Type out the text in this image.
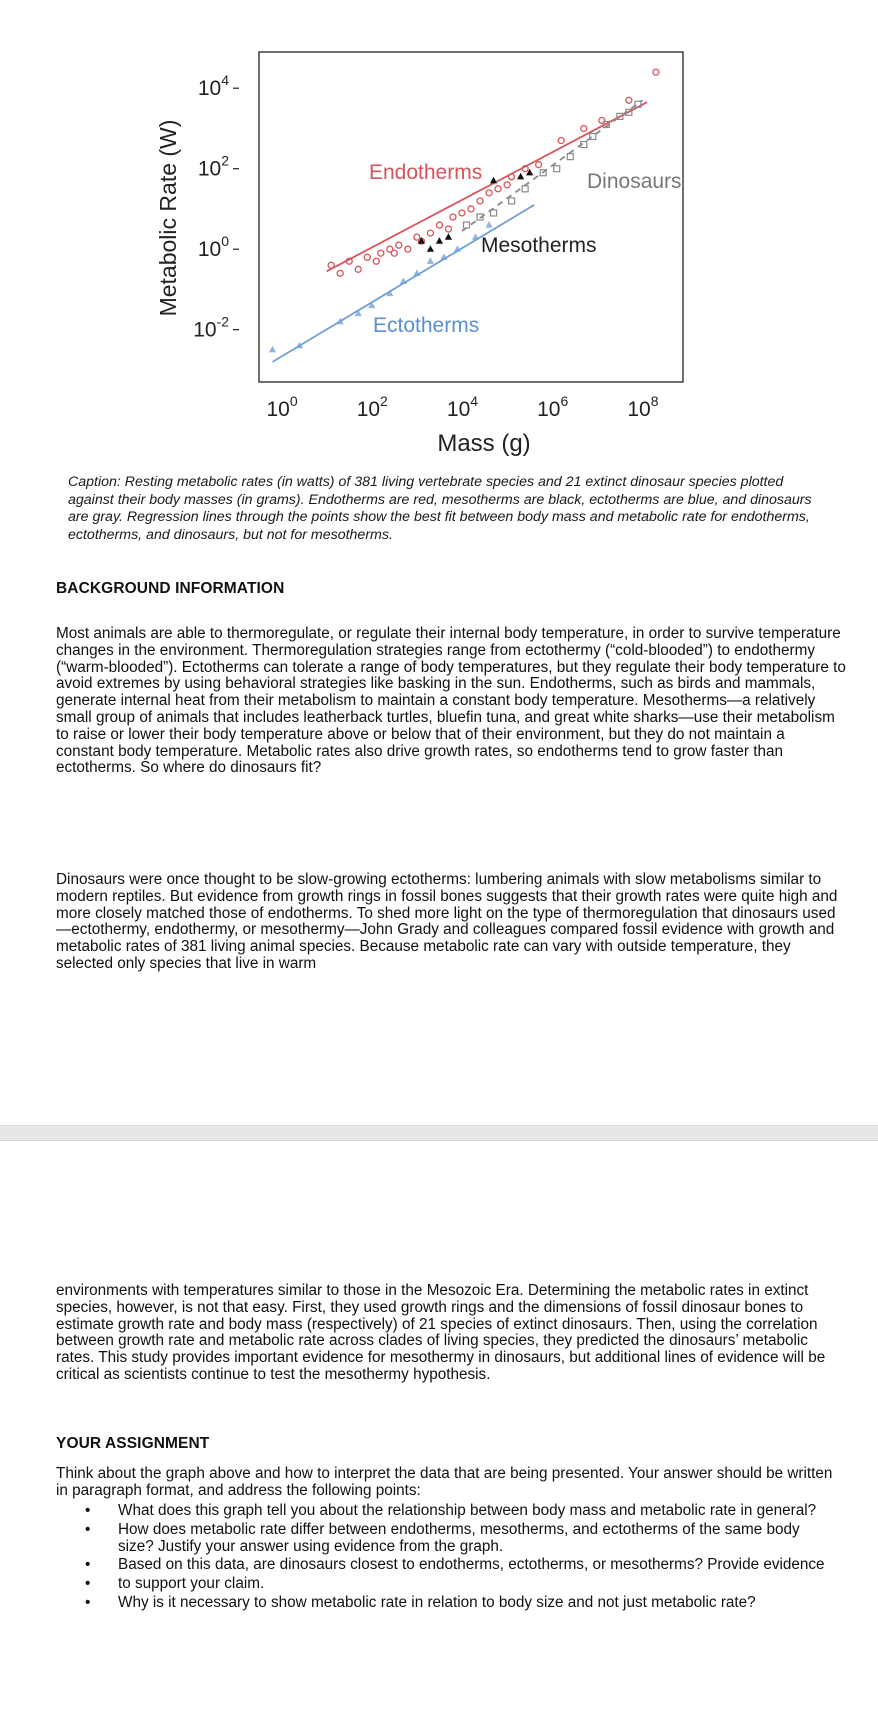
$10^4$
$10^2$
$10^0$
$10^{-2}$
$10^0$	$10^2$	$10^4$	$10^6$	$10^8$
Endotherms	Dinosaurs
Mesotherms
Ectotherms
Metabolic Rate (W)
Mass (g)
Caption: Resting metabolic rates (in watts) of 381 living vertebrate species and 21 extinct dinosaur species plotted against their body masses (in grams). Endotherms are red, mesotherms are black, ectotherms are blue, and dinosaurs are gray. Regression lines through the points show the best fit between body mass and metabolic rate for endotherms, ectotherms, and dinosaurs, but not for mesotherms.
BACKGROUND INFORMATION
Most animals are able to thermoregulate, or regulate their internal body temperature, in order to survive temperature changes in the environment. Thermoregulation strategies range from ectothermy (“cold-blooded”) to endothermy (“warm-blooded”). Ectotherms can tolerate a range of body temperatures, but they regulate their body temperature to avoid extremes by using behavioral strategies like basking in the sun. Endotherms, such as birds and mammals, generate internal heat from their metabolism to maintain a constant body temperature. Mesotherms—a relatively small group of animals that includes leatherback turtles, bluefin tuna, and great white sharks—use their metabolism to raise or lower their body temperature above or below that of their environment, but they do not maintain a constant body temperature. Metabolic rates also drive growth rates, so endotherms tend to grow faster than ectotherms. So where do dinosaurs fit?
Dinosaurs were once thought to be slow-growing ectotherms: lumbering animals with slow metabolisms similar to modern reptiles. But evidence from growth rings in fossil bones suggests that their growth rates were quite high and more closely matched those of endotherms. To shed more light on the type of thermoregulation that dinosaurs used—ectothermy, endothermy, or mesothermy—John Grady and colleagues compared fossil evidence with growth and metabolic rates of 381 living animal species. Because metabolic rate can vary with outside temperature, they selected only species that live in warm
environments with temperatures similar to those in the Mesozoic Era. Determining the metabolic rates in extinct species, however, is not that easy. First, they used growth rings and the dimensions of fossil dinosaur bones to estimate growth rate and body mass (respectively) of 21 species of extinct dinosaurs. Then, using the correlation between growth rate and metabolic rate across clades of living species, they predicted the dinosaurs’ metabolic rates. This study provides important evidence for mesothermy in dinosaurs, but additional lines of evidence will be critical as scientists continue to test the mesothermy hypothesis.
YOUR ASSIGNMENT
Think about the graph above and how to interpret the data that are being presented. Your answer should be written in paragraph format, and address the following points:
• What does this graph tell you about the relationship between body mass and metabolic rate in general?
• How does metabolic rate differ between endotherms, mesotherms, and ectotherms of the same body size? Justify your answer using evidence from the graph.
• Based on this data, are dinosaurs closest to endotherms, ectotherms, or mesotherms? Provide evidence
• to support your claim.
• Why is it necessary to show metabolic rate in relation to body size and not just metabolic rate?
